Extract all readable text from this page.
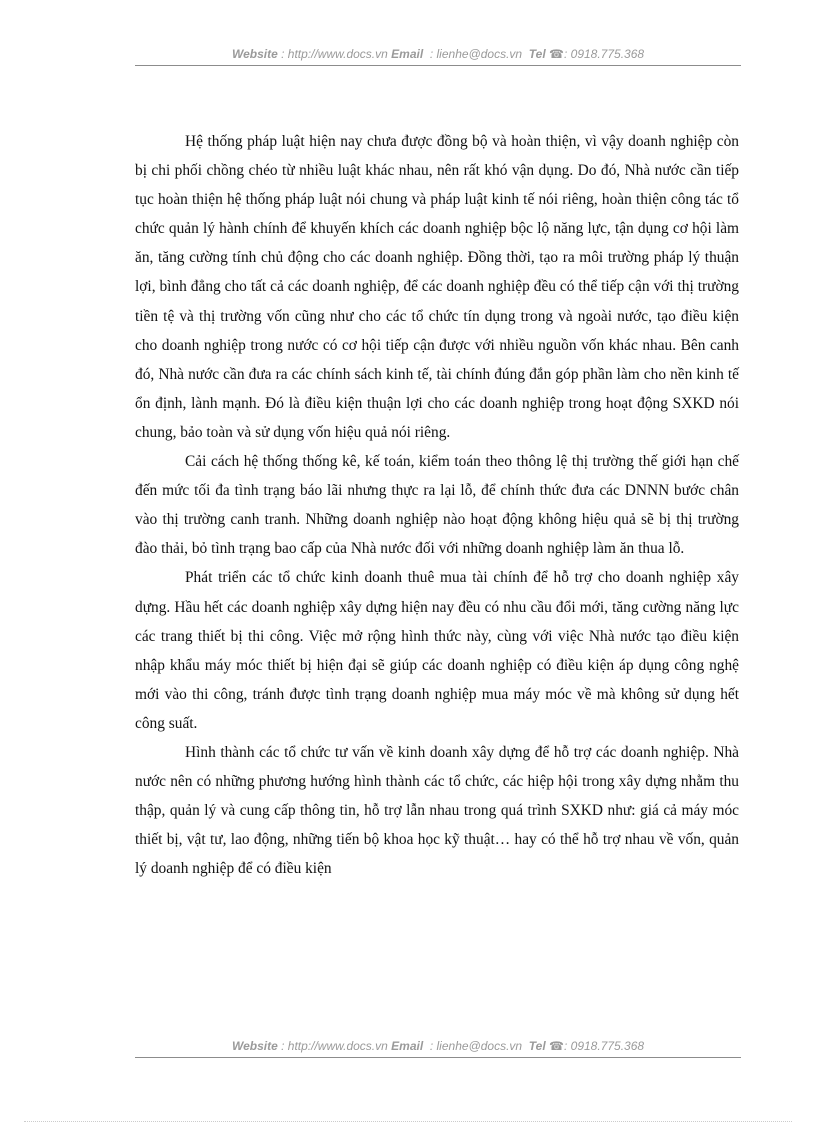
Website : http://www.docs.vn Email  : lienhe@docs.vn Tel ☎: 0918.775.368

Hệ thống pháp luật hiện nay chưa được đồng bộ và hoàn thiện, vì vậy doanh nghiệp còn bị chi phối chồng chéo từ nhiều luật khác nhau, nên rất khó vận dụng. Do đó, Nhà nước cần tiếp tục hoàn thiện hệ thống pháp luật nói chung và pháp luật kinh tế nói riêng, hoàn thiện công tác tổ chức quản lý hành chính để khuyến khích các doanh nghiệp bộc lộ năng lực, tận dụng cơ hội làm ăn, tăng cường tính chủ động cho các doanh nghiệp. Đồng thời, tạo ra môi trường pháp lý thuận lợi, bình đẳng cho tất cả các doanh nghiệp, để các doanh nghiệp đều có thể tiếp cận với thị trường tiền tệ và thị trường vốn cũng như cho các tổ chức tín dụng trong và ngoài nước, tạo điều kiện cho doanh nghiệp trong nước có cơ hội tiếp cận được với nhiều nguồn vốn khác nhau. Bên canh đó, Nhà nước cần đưa ra các chính sách kinh tế, tài chính đúng đắn góp phần làm cho nền kinh tế ổn định, lành mạnh. Đó là điều kiện thuận lợi cho các doanh nghiệp trong hoạt động SXKD nói chung, bảo toàn và sử dụng vốn hiệu quả nói riêng.

Cải cách hệ thống thống kê, kế toán, kiểm toán theo thông lệ thị trường thế giới hạn chế đến mức tối đa tình trạng báo lãi nhưng thực ra lại lỗ, để chính thức đưa các DNNN bước chân vào thị trường canh tranh. Những doanh nghiệp nào hoạt động không hiệu quả sẽ bị thị trường đào thải, bỏ tình trạng bao cấp của Nhà nước đối với những doanh nghiệp làm ăn thua lỗ.

Phát triển các tổ chức kinh doanh thuê mua tài chính để hỗ trợ cho doanh nghiệp xây dựng. Hầu hết các doanh nghiệp xây dựng hiện nay đều có nhu cầu đổi mới, tăng cường năng lực các trang thiết bị thi công. Việc mở rộng hình thức này, cùng với việc Nhà nước tạo điều kiện nhập khẩu máy móc thiết bị hiện đại sẽ giúp các doanh nghiệp có điều kiện áp dụng công nghệ mới vào thi công, tránh được tình trạng doanh nghiệp mua máy móc về mà không sử dụng hết công suất.

Hình thành các tổ chức tư vấn về kinh doanh xây dựng để hỗ trợ các doanh nghiệp. Nhà nước nên có những phương hướng hình thành các tổ chức, các hiệp hội trong xây dựng nhằm thu thập, quản lý và cung cấp thông tin, hỗ trợ lẫn nhau trong quá trình SXKD như: giá cả máy móc thiết bị, vật tư, lao động, những tiến bộ khoa học kỹ thuật… hay có thể hỗ trợ nhau về vốn, quản lý doanh nghiệp để có điều kiện

Website : http://www.docs.vn Email  : lienhe@docs.vn Tel ☎: 0918.775.368
